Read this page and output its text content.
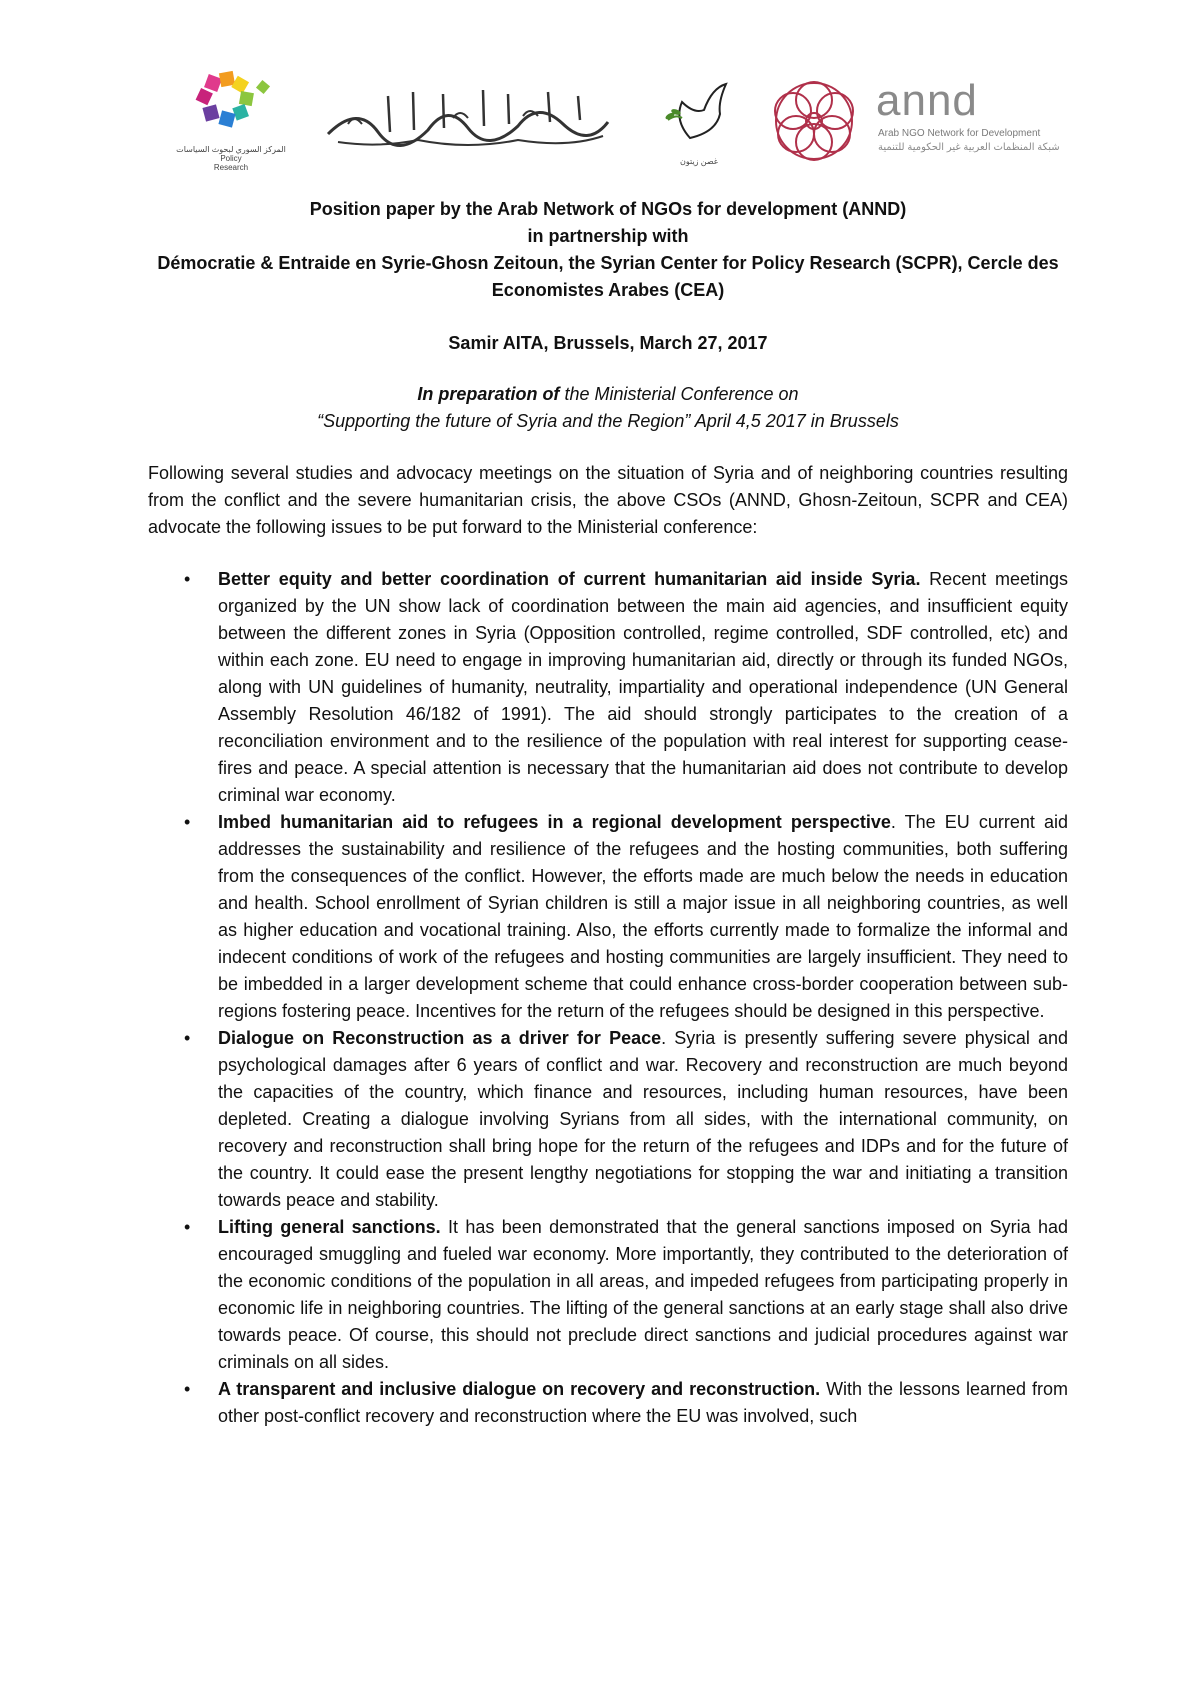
المركز السوري لبحوث السياسات
Policy
Research
غصن زيتون
annd
Arab NGO Network for Development
شبكة المنظمات العربية غير الحكومية للتنمية
Position paper by the Arab Network of NGOs for development (ANND)
in partnership with
Démocratie & Entraide en Syrie-Ghosn Zeitoun, the Syrian Center for Policy Research (SCPR), Cercle des Economistes Arabes (CEA)
Samir AITA, Brussels, March 27, 2017
In preparation of the Ministerial Conference on
“Supporting the future of Syria and the Region” April 4,5 2017 in Brussels

Following several studies and advocacy meetings on the situation of Syria and of neighboring countries resulting from the conflict and the severe humanitarian crisis, the above CSOs (ANND, Ghosn-Zeitoun, SCPR and CEA) advocate the following issues to be put forward to the Ministerial conference:

• Better equity and better coordination of current humanitarian aid inside Syria. Recent meetings organized by the UN show lack of coordination between the main aid agencies, and insufficient equity between the different zones in Syria (Opposition controlled, regime controlled, SDF controlled, etc) and within each zone. EU need to engage in improving humanitarian aid, directly or through its funded NGOs, along with UN guidelines of humanity, neutrality, impartiality and operational independence (UN General Assembly Resolution 46/182 of 1991). The aid should strongly participates to the creation of a reconciliation environment and to the resilience of the population with real interest for supporting cease-fires and peace. A special attention is necessary that the humanitarian aid does not contribute to develop criminal war economy.
• Imbed humanitarian aid to refugees in a regional development perspective. The EU current aid addresses the sustainability and resilience of the refugees and the hosting communities, both suffering from the consequences of the conflict. However, the efforts made are much below the needs in education and health. School enrollment of Syrian children is still a major issue in all neighboring countries, as well as higher education and vocational training. Also, the efforts currently made to formalize the informal and indecent conditions of work of the refugees and hosting communities are largely insufficient. They need to be imbedded in a larger development scheme that could enhance cross-border cooperation between sub-regions fostering peace. Incentives for the return of the refugees should be designed in this perspective.
• Dialogue on Reconstruction as a driver for Peace. Syria is presently suffering severe physical and psychological damages after 6 years of conflict and war. Recovery and reconstruction are much beyond the capacities of the country, which finance and resources, including human resources, have been depleted. Creating a dialogue involving Syrians from all sides, with the international community, on recovery and reconstruction shall bring hope for the return of the refugees and IDPs and for the future of the country. It could ease the present lengthy negotiations for stopping the war and initiating a transition towards peace and stability.
• Lifting general sanctions. It has been demonstrated that the general sanctions imposed on Syria had encouraged smuggling and fueled war economy. More importantly, they contributed to the deterioration of the economic conditions of the population in all areas, and impeded refugees from participating properly in economic life in neighboring countries. The lifting of the general sanctions at an early stage shall also drive towards peace. Of course, this should not preclude direct sanctions and judicial procedures against war criminals on all sides.
• A transparent and inclusive dialogue on recovery and reconstruction. With the lessons learned from other post-conflict recovery and reconstruction where the EU was involved, such
